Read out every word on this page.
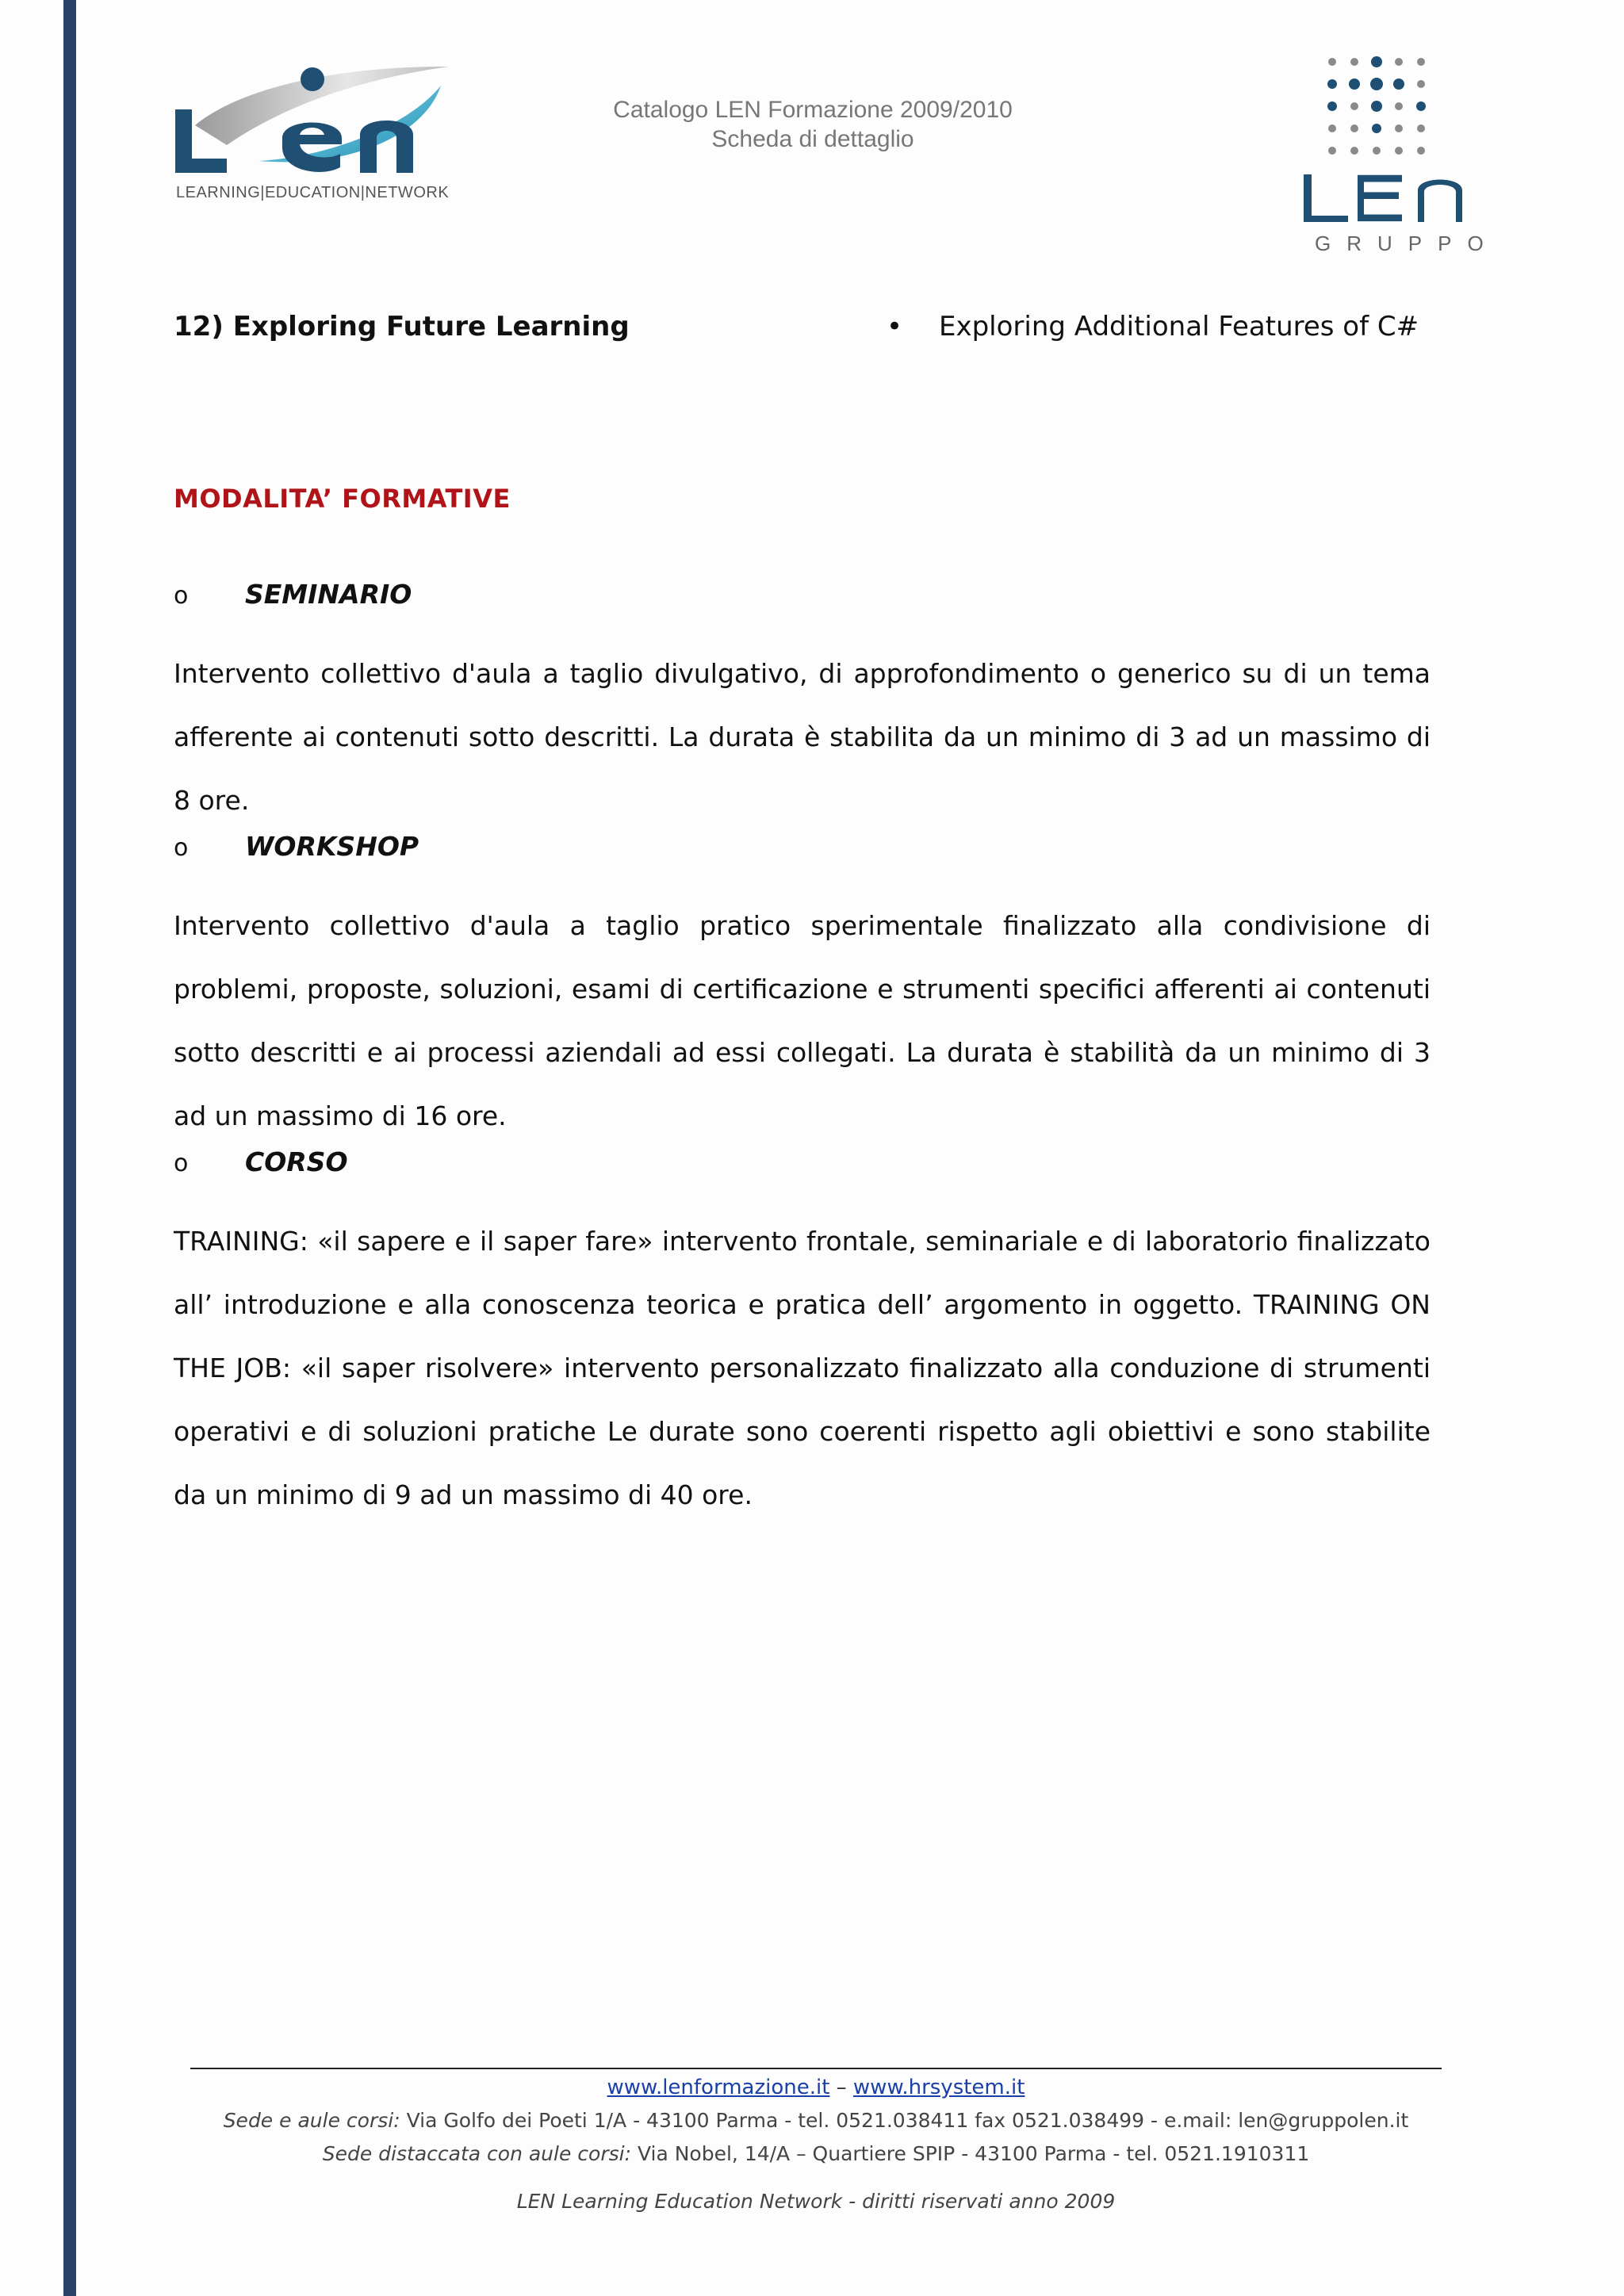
LEARNING|EDUCATION|NETWORK
Catalogo LEN Formazione 2009/2010
Scheda di dettaglio
GRUPPO
12) Exploring Future Learning	• Exploring Additional Features of C#
MODALITA’ FORMATIVE
o SEMINARIO
Intervento collettivo d'aula a taglio divulgativo, di approfondimento o generico su di un tema afferente ai contenuti sotto descritti. La durata è stabilita da un minimo di 3 ad un massimo di 8 ore.
o WORKSHOP
Intervento collettivo d'aula a taglio pratico sperimentale finalizzato alla condivisione di problemi, proposte, soluzioni, esami di certificazione e strumenti specifici afferenti ai contenuti sotto descritti e ai processi aziendali ad essi collegati. La durata è stabilità da un minimo di 3 ad un massimo di 16 ore.
o CORSO
TRAINING: «il sapere e il saper fare» intervento frontale, seminariale e di laboratorio finalizzato all’ introduzione e alla conoscenza teorica e pratica dell’ argomento in oggetto. TRAINING ON THE JOB: «il saper risolvere» intervento personalizzato finalizzato alla conduzione di strumenti operativi e di soluzioni pratiche Le durate sono coerenti rispetto agli obiettivi e sono stabilite da un minimo di 9 ad un massimo di 40 ore.
www.lenformazione.it – www.hrsystem.it
Sede e aule corsi: Via Golfo dei Poeti 1/A - 43100 Parma - tel. 0521.038411 fax 0521.038499 - e.mail: len@gruppolen.it
Sede distaccata con aule corsi: Via Nobel, 14/A – Quartiere SPIP - 43100 Parma - tel. 0521.1910311
LEN Learning Education Network - diritti riservati anno 2009
